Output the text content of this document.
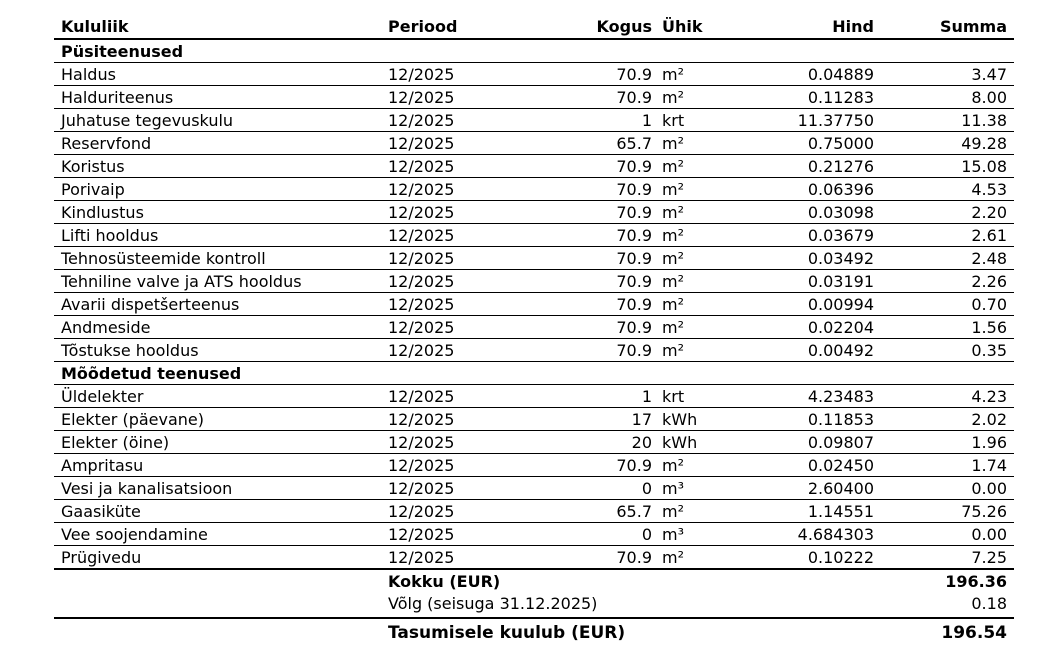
Kululiik	Periood	Kogus Ühik	Hind	Summa
Püsiteenused
Haldus	12/2025	70.9 m²	0.04889	3.47
Halduriteenus	12/2025	70.9 m²	0.11283	8.00
Juhatuse tegevuskulu	12/2025	1 krt	11.37750	11.38
Reservfond	12/2025	65.7 m²	0.75000	49.28
Koristus	12/2025	70.9 m²	0.21276	15.08
Porivaip	12/2025	70.9 m²	0.06396	4.53
Kindlustus	12/2025	70.9 m²	0.03098	2.20
Lifti hooldus	12/2025	70.9 m²	0.03679	2.61
Tehnosüsteemide kontroll	12/2025	70.9 m²	0.03492	2.48
Tehniline valve ja ATS hooldus	12/2025	70.9 m²	0.03191	2.26
Avarii dispetšerteenus	12/2025	70.9 m²	0.00994	0.70
Andmeside	12/2025	70.9 m²	0.02204	1.56
Tõstukse hooldus	12/2025	70.9 m²	0.00492	0.35
Mõõdetud teenused
Üldelekter	12/2025	1 krt	4.23483	4.23
Elekter (päevane)	12/2025	17 kWh	0.11853	2.02
Elekter (öine)	12/2025	20 kWh	0.09807	1.96
Ampritasu	12/2025	70.9 m²	0.02450	1.74
Vesi ja kanalisatsioon	12/2025	0 m³	2.60400	0.00
Gaasiküte	12/2025	65.7 m²	1.14551	75.26
Vee soojendamine	12/2025	0 m³	4.684303	0.00
Prügivedu	12/2025	70.9 m²	0.10222	7.25
Kokku (EUR)	196.36
Võlg (seisuga 31.12.2025)	0.18
Tasumisele kuulub (EUR)	196.54
